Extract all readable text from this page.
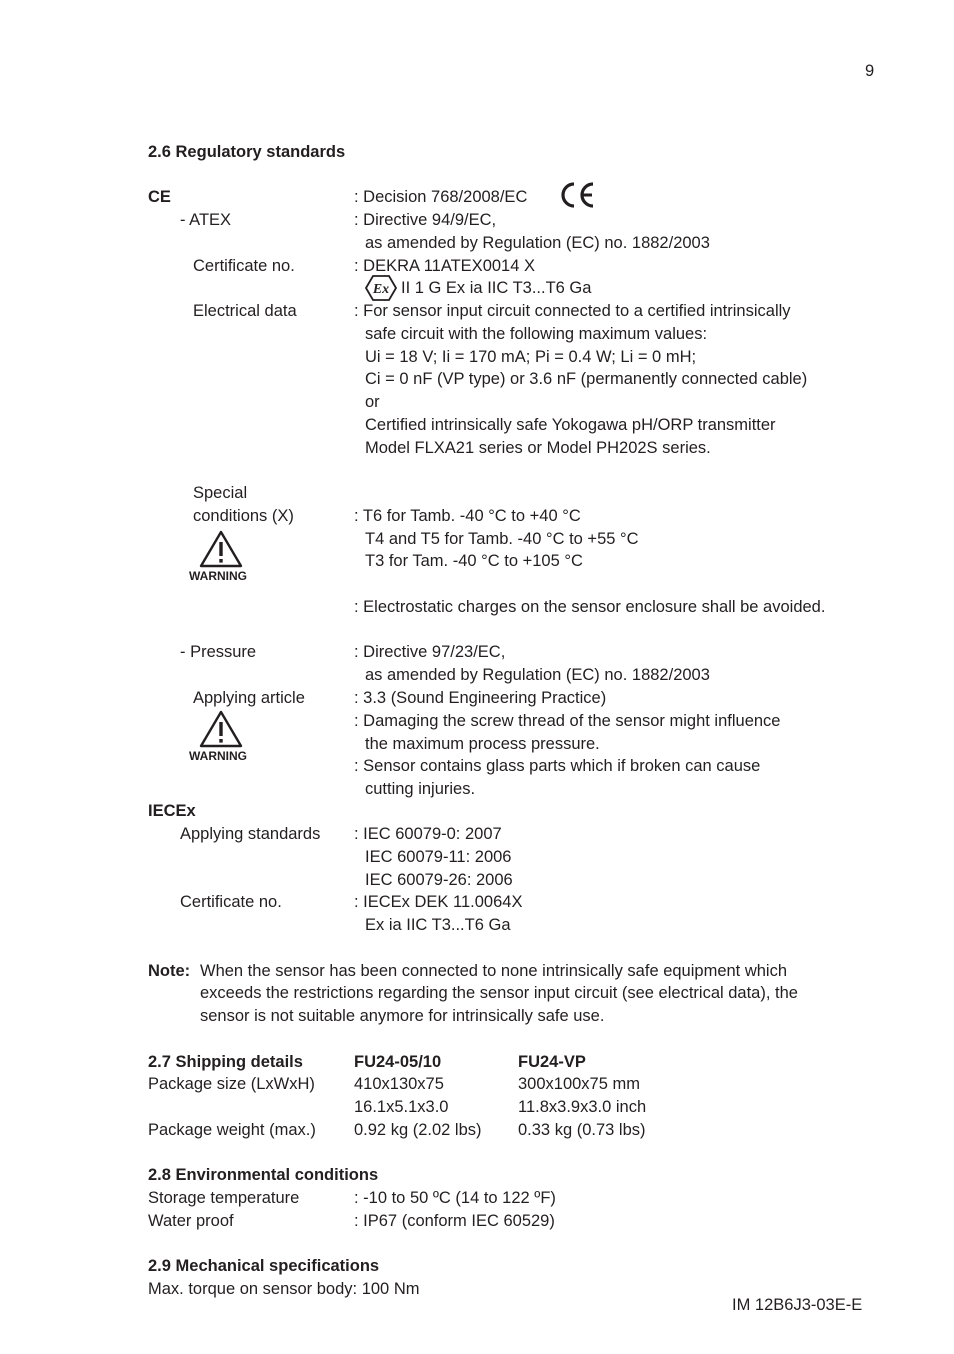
9
2.6 Regulatory standards
CE	: Decision 768/2008/EC
- ATEX	: Directive 94/9/EC,
as amended by Regulation (EC) no. 1882/2003
Certificate no.	: DEKRA 11ATEX0014 X
Ex II 1 G Ex ia IIC T3...T6 Ga
Electrical data	: For sensor input circuit connected to a certified intrinsically
safe circuit with the following maximum values:
Ui = 18 V; Ii = 170 mA; Pi = 0.4 W; Li = 0 mH;
Ci = 0 nF (VP type) or 3.6 nF (permanently connected cable)
or
Certified intrinsically safe Yokogawa pH/ORP transmitter
Model FLXA21 series or Model PH202S series.
Special
conditions (X)	: T6 for Tamb. -40 °C to +40 °C
T4 and T5 for Tamb. -40 °C to +55 °C
T3 for Tam. -40 °C to +105 °C
WARNING
: Electrostatic charges on the sensor enclosure shall be avoided.
- Pressure	: Directive 97/23/EC,
as amended by Regulation (EC) no. 1882/2003
Applying article	: 3.3 (Sound Engineering Practice)
: Damaging the screw thread of the sensor might influence
the maximum process pressure.
: Sensor contains glass parts which if broken can cause
cutting injuries.
WARNING
IECEx
Applying standards : IEC 60079-0: 2007
IEC 60079-11: 2006
IEC 60079-26: 2006
Certificate no.	: IECEx DEK 11.0064X
Ex ia IIC T3...T6 Ga
Note: When the sensor has been connected to none intrinsically safe equipment which
exceeds the restrictions regarding the sensor input circuit (see electrical data), the
sensor is not suitable anymore for intrinsically safe use.
2.7 Shipping details	FU24-05/10	FU24-VP
Package size (LxWxH) 410x130x75	300x100x75 mm
16.1x5.1x3.0	11.8x3.9x3.0 inch
Package weight (max.) 0.92 kg (2.02 lbs) 0.33 kg (0.73 lbs)
2.8 Environmental conditions
Storage temperature	: -10 to 50 ºC (14 to 122 ºF)
Water proof	: IP67 (conform IEC 60529)
2.9 Mechanical specifications
Max. torque on sensor body: 100 Nm
IM 12B6J3-03E-E
